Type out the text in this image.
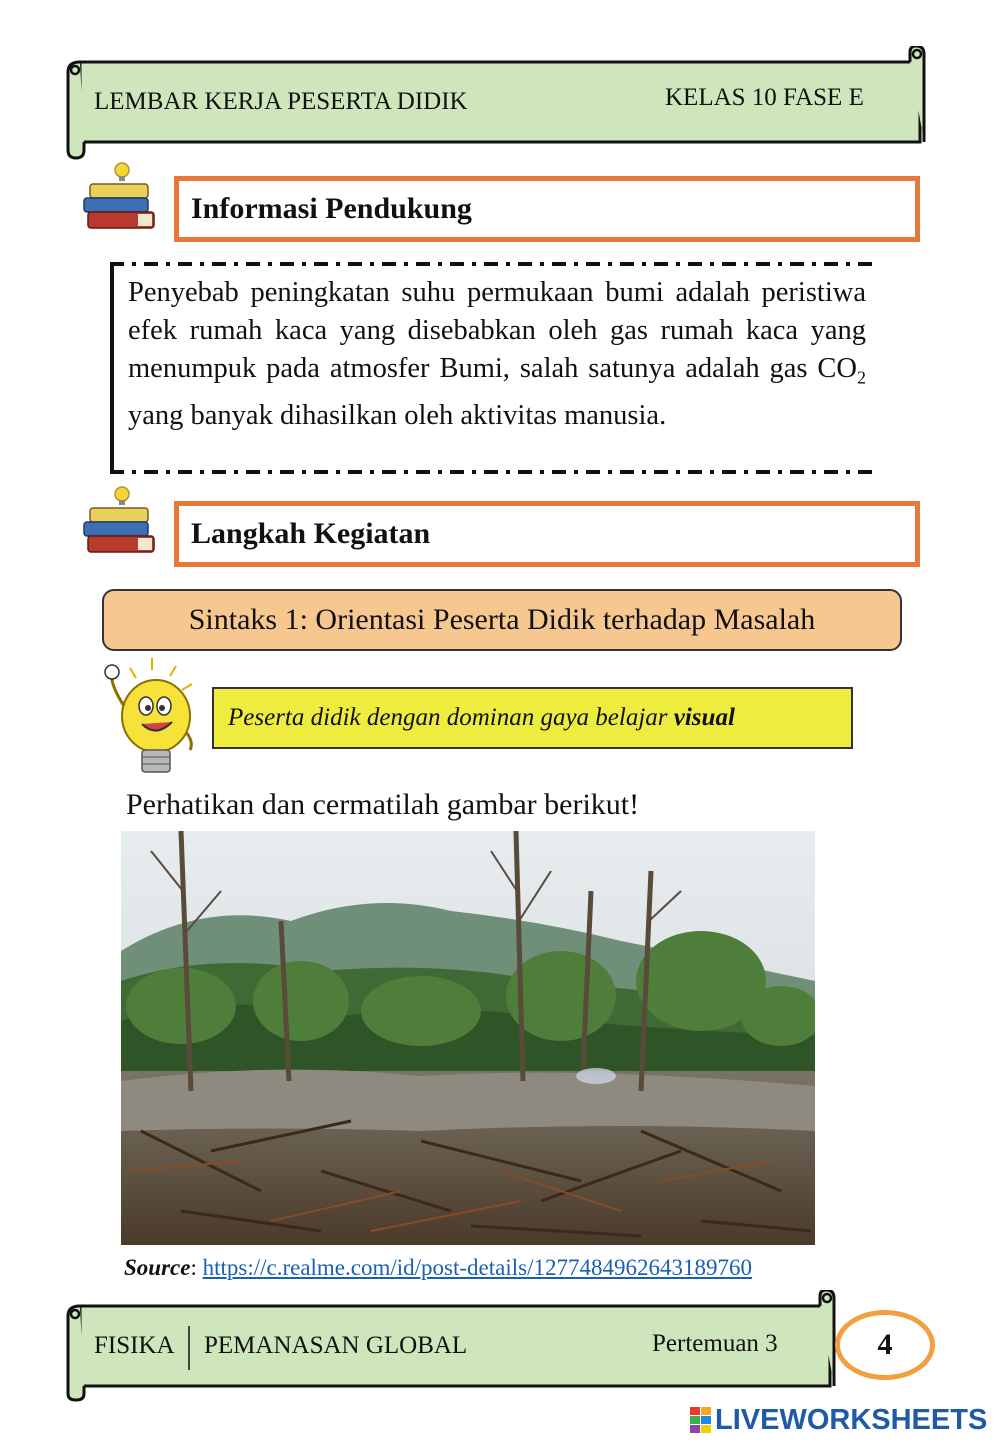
LEMBAR KERJA PESERTA DIDIK	KELAS 10 FASE E
Informasi Pendukung
Penyebab peningkatan suhu permukaan bumi adalah peristiwa efek rumah kaca yang disebabkan oleh gas rumah kaca yang menumpuk pada atmosfer Bumi, salah satunya adalah gas $CO_2$ yang banyak dihasilkan oleh aktivitas manusia.
Langkah Kegiatan
Sintaks 1: Orientasi Peserta Didik terhadap Masalah
Peserta didik dengan dominan gaya belajar
visual
Perhatikan dan cermatilah gambar berikut!
Source: https://c.realme.com/id/post-details/1277484962643189760
FISIKA PEMANASAN GLOBAL	Pertemuan 3	4
LIVEWORKSHEETS
